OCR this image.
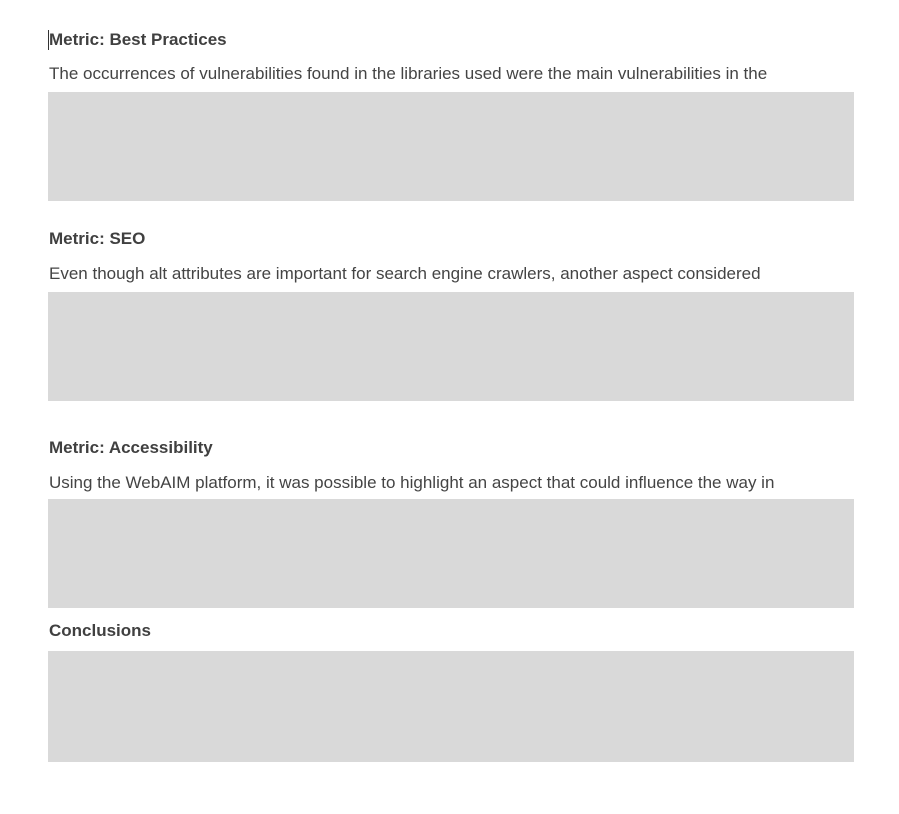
Metric: Best Practices
The occurrences of vulnerabilities found in the libraries used were the main vulnerabilities in the
Metric: SEO
Even though alt attributes are important for search engine crawlers, another aspect considered
Metric: Accessibility
Using the WebAIM platform, it was possible to highlight an aspect that could influence the way in
Conclusions
